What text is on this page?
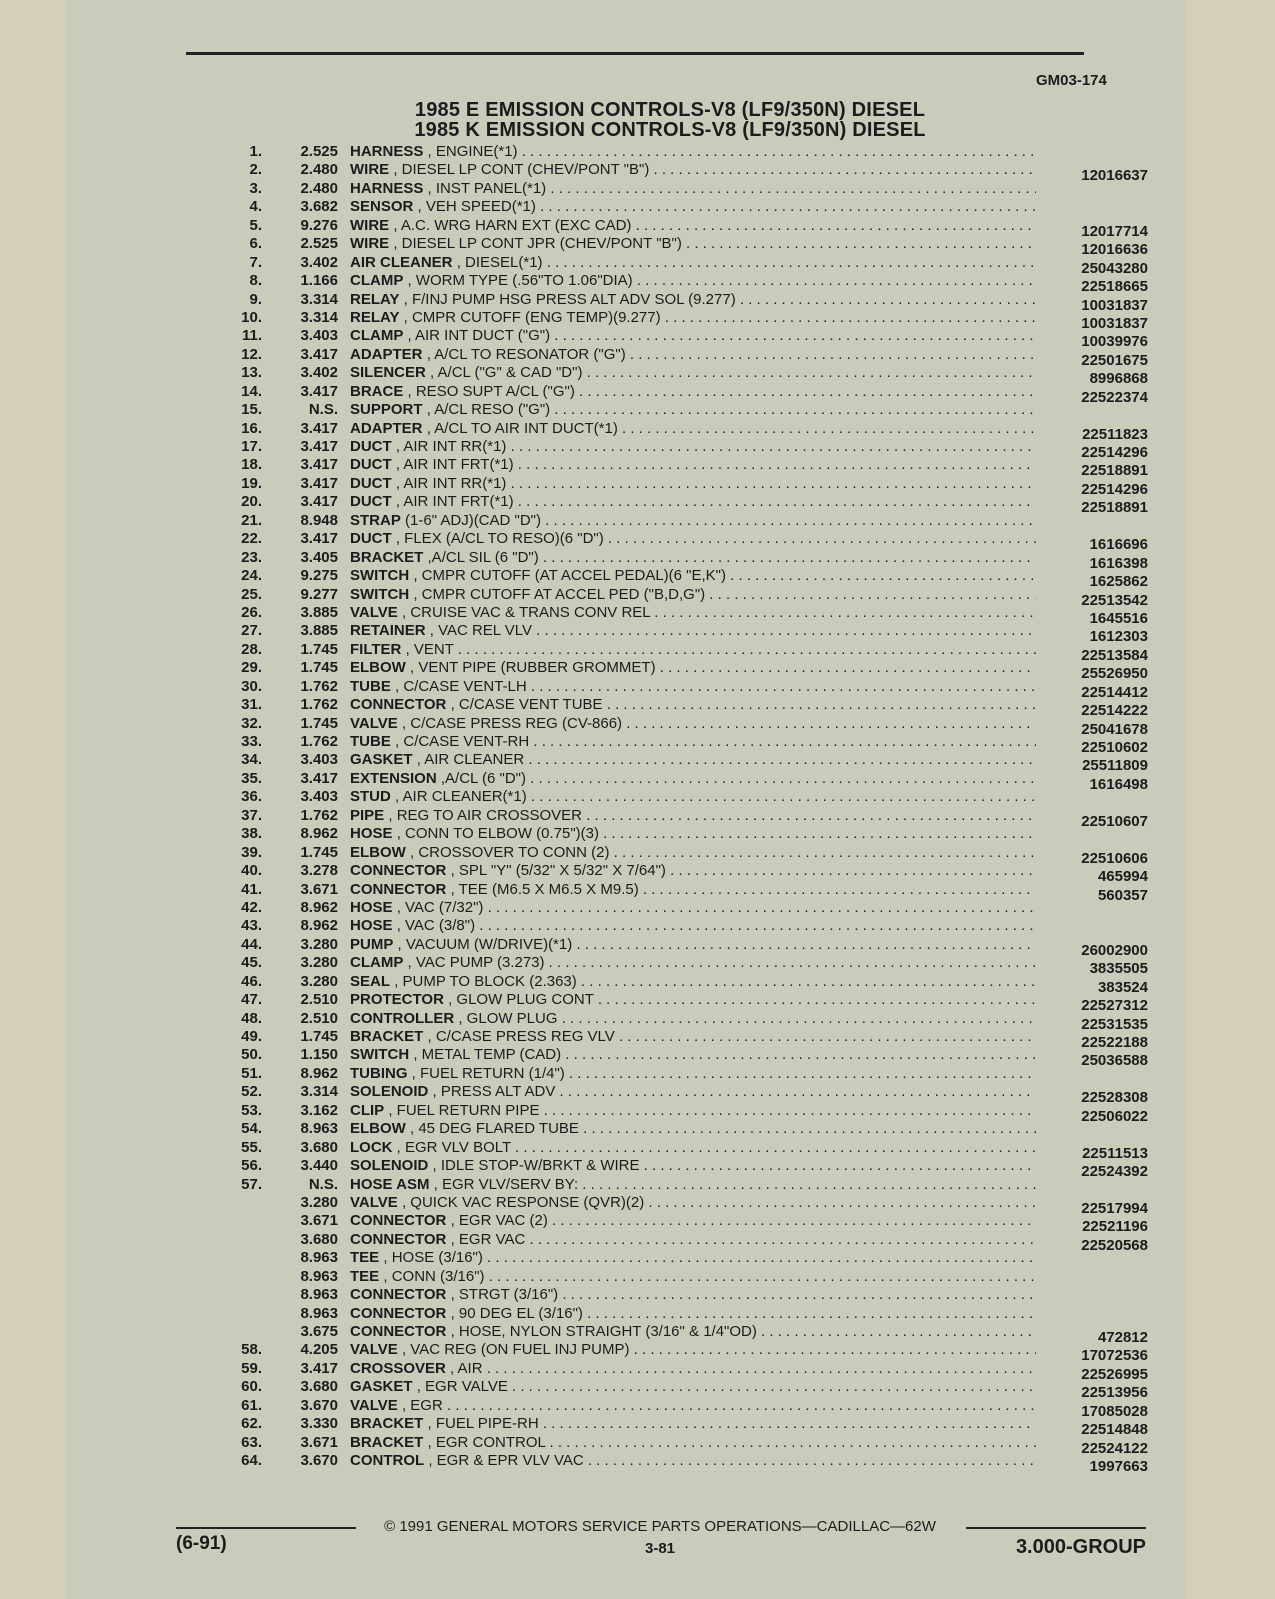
GM03-174
1985 E EMISSION CONTROLS-V8 (LF9/350N) DIESEL
1985 K EMISSION CONTROLS-V8 (LF9/350N) DIESEL
1.	2.525 HARNESS , ENGINE(*1) . . .
2.	2.480 WIRE , DIESEL LP CONT (CHEV/PONT "B") . . .	12016637
3.	2.480 HARNESS , INST PANEL(*1) . . .
4.	3.682 SENSOR , VEH SPEED(*1) . . .
5.	9.276 WIRE , A.C. WRG HARN EXT (EXC CAD) . . .	12017714
6.	2.525 WIRE , DIESEL LP CONT JPR (CHEV/PONT "B") . . .	12016636
7.	3.402 AIR CLEANER , DIESEL(*1) . . .	25043280
8.	1.166 CLAMP , WORM TYPE (.56"TO 1.06"DIA) . . .	22518665
9.	3.314 RELAY , F/INJ PUMP HSG PRESS ALT ADV SOL (9.277) . . .	10031837
10.	3.314 RELAY , CMPR CUTOFF (ENG TEMP)(9.277) . . .	10031837
11.	3.403 CLAMP , AIR INT DUCT ("G") . . .	10039976
12.	3.417 ADAPTER , A/CL TO RESONATOR ("G") . . .	22501675
13.	3.402 SILENCER , A/CL ("G" & CAD "D") . . .	8996868
14.	3.417 BRACE , RESO SUPT A/CL ("G") . . .	22522374
15.	N.S. SUPPORT , A/CL RESO ("G") . . .
16.	3.417 ADAPTER , A/CL TO AIR INT DUCT(*1) . . .	22511823
17.	3.417 DUCT , AIR INT RR(*1) . . .	22514296
18.	3.417 DUCT , AIR INT FRT(*1) . . .	22518891
19.	3.417 DUCT , AIR INT RR(*1) . . .	22514296
20.	3.417 DUCT , AIR INT FRT(*1) . . .	22518891
21.	8.948 STRAP (1-6" ADJ)(CAD "D") . . .
22.	3.417 DUCT , FLEX (A/CL TO RESO)(6 "D") . . .	1616696
23.	3.405 BRACKET ,A/CL SIL (6 "D") . . .	1616398
24.	9.275 SWITCH , CMPR CUTOFF (AT ACCEL PEDAL)(6 "E,K") . . .	1625862
25.	9.277 SWITCH , CMPR CUTOFF AT ACCEL PED ("B,D,G") . . .	22513542
26.	3.885 VALVE , CRUISE VAC & TRANS CONV REL . . .	1645516
27.	3.885 RETAINER , VAC REL VLV . . .	1612303
28.	1.745 FILTER , VENT . . .	22513584
29.	1.745 ELBOW , VENT PIPE (RUBBER GROMMET) . . .	25526950
30.	1.762 TUBE , C/CASE VENT-LH . . .	22514412
31.	1.762 CONNECTOR , C/CASE VENT TUBE . . .	22514222
32.	1.745 VALVE , C/CASE PRESS REG (CV-866) . . .	25041678
33.	1.762 TUBE , C/CASE VENT-RH . . .	22510602
34.	3.403 GASKET , AIR CLEANER . . .	25511809
35.	3.417 EXTENSION ,A/CL (6 "D") . . .	1616498
36.	3.403 STUD , AIR CLEANER(*1) . . .
37.	1.762 PIPE , REG TO AIR CROSSOVER . . .	22510607
38.	8.962 HOSE , CONN TO ELBOW (0.75")(3) . . .
39.	1.745 ELBOW , CROSSOVER TO CONN (2) . . .	22510606
40.	3.278 CONNECTOR , SPL "Y" (5/32" X 5/32" X 7/64") . . .	465994
41.	3.671 CONNECTOR , TEE (M6.5 X M6.5 X M9.5) . . .	560357
42.	8.962 HOSE , VAC (7/32") . . .
43.	8.962 HOSE , VAC (3/8") . . .
44.	3.280 PUMP , VACUUM (W/DRIVE)(*1) . . .	26002900
45.	3.280 CLAMP , VAC PUMP (3.273) . . .	3835505
46.	3.280 SEAL , PUMP TO BLOCK (2.363) . . .	383524
47.	2.510 PROTECTOR , GLOW PLUG CONT . . .	22527312
48.	2.510 CONTROLLER , GLOW PLUG . . .	22531535
49.	1.745 BRACKET , C/CASE PRESS REG VLV . . .	22522188
50.	1.150 SWITCH , METAL TEMP (CAD) . . .	25036588
51.	8.962 TUBING , FUEL RETURN (1/4") . . .
52.	3.314 SOLENOID , PRESS ALT ADV . . .	22528308
53.	3.162 CLIP , FUEL RETURN PIPE . . .	22506022
54.	8.963 ELBOW , 45 DEG FLARED TUBE . . .
55.	3.680 LOCK , EGR VLV BOLT . . .	22511513
56.	3.440 SOLENOID , IDLE STOP-W/BRKT & WIRE . . .	22524392
57.	N.S. HOSE ASM , EGR VLV/SERV BY: . . .
3.280 VALVE , QUICK VAC RESPONSE (QVR)(2) . . .	22517994
3.671 CONNECTOR , EGR VAC (2) . . .	22521196
3.680 CONNECTOR , EGR VAC . . .	22520568
8.963 TEE , HOSE (3/16") . . .
8.963 TEE , CONN (3/16") . . .
8.963 CONNECTOR , STRGT (3/16") . . .
8.963 CONNECTOR , 90 DEG EL (3/16") . . .
3.675 CONNECTOR , HOSE, NYLON STRAIGHT (3/16" & 1/4"OD) . . .	472812
58.	4.205 VALVE , VAC REG (ON FUEL INJ PUMP) . . .	17072536
59.	3.417 CROSSOVER , AIR . . .	22526995
60.	3.680 GASKET , EGR VALVE . . .	22513956
61.	3.670 VALVE , EGR . . .	17085028
62.	3.330 BRACKET , FUEL PIPE-RH . . .	22514848
63.	3.671 BRACKET , EGR CONTROL . . .	22524122
64.	3.670 CONTROL , EGR & EPR VLV VAC . . .	1997663
© 1991 GENERAL MOTORS SERVICE PARTS OPERATIONS—CADILLAC—62W
(6-91)	3-81	3.000-GROUP
